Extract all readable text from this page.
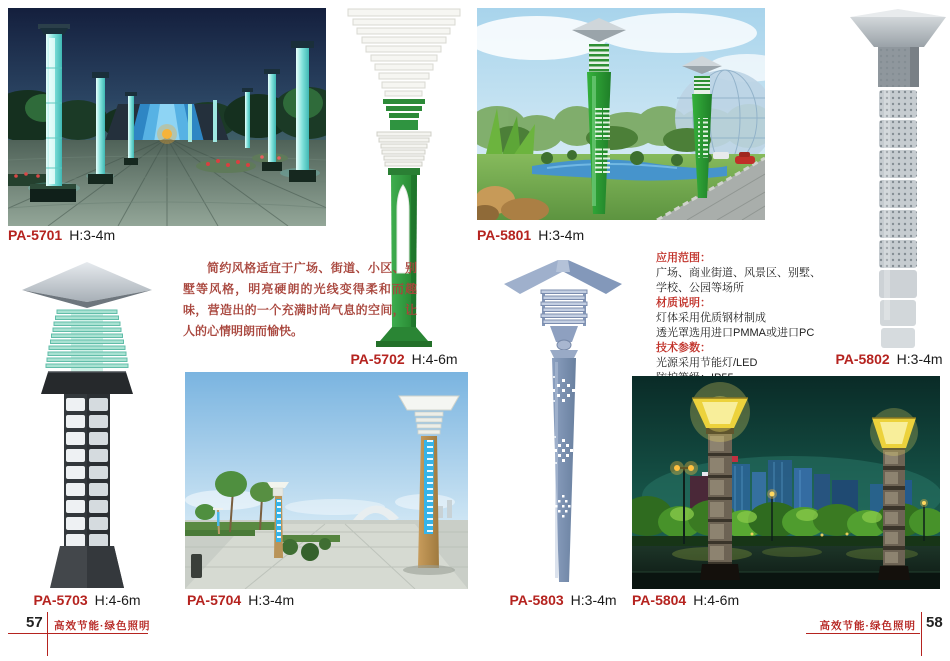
PA-5701 H:3-4m
PA-5702 H:4-6m
简约风格适宜于广场、街道、小区、别墅等风格，明亮硬朗的光线变得柔和而趣味，营造出的一个充满时尚气息的空间，让人的心情明朗而愉快。
PA-5703 H:4-6m	PA-5704 H:3-4m
PA-5801 H:3-4m
PA-5803 H:3-4m
应用范围：
广场、商业街道、风景区、别墅、
学校、公园等场所
材质说明：
灯体采用优质钢材制成
透光罩选用进口PMMA或进口PC
技术参数：
光源采用节能灯/LED	PA-5802 H:3-4m
PA-5804 H:4-6m
57 高效节能·绿色照明	高效节能·绿色照明 58
